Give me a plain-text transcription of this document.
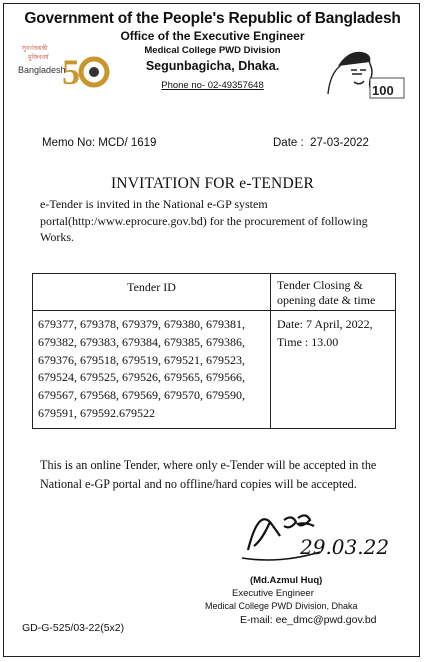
সুবর্ণজয়ন্তী
মুজিববর্ষ 5
Bangladesh
100
Government of the People's Republic of Bangladesh
Office of the Executive Engineer
Medical College PWD Division
Segunbagicha, Dhaka.
Phone no- 02-49357648
Memo No: MCD/ 1619	Date :  27-03-2022
INVITATION FOR e-TENDER
e-Tender is invited in the National e-GP system portal(http:/www.eprocure.gov.bd) for the procurement of following Works.
Tender ID	Tender Closing & opening date & time
679377, 679378, 679379, 679380, 679381, 679382, 679383, 679384, 679385, 679386, 679376, 679518, 679519, 679521, 679523, 679524, 679525, 679526, 679565, 679566, 679567, 679568, 679569, 679570, 679590, 679591, 679592.679522	Date: 7 April, 2022,
Time : 13.00
This is an online Tender, where only e-Tender will be accepted in the National e-GP portal and no offline/hard copies will be accepted.
29.03.22
(Md.Azmul Huq)
Executive Engineer
Medical College PWD Division, Dhaka
E-mail: ee_dmc@pwd.gov.bd
GD-G-525/03-22(5x2)
